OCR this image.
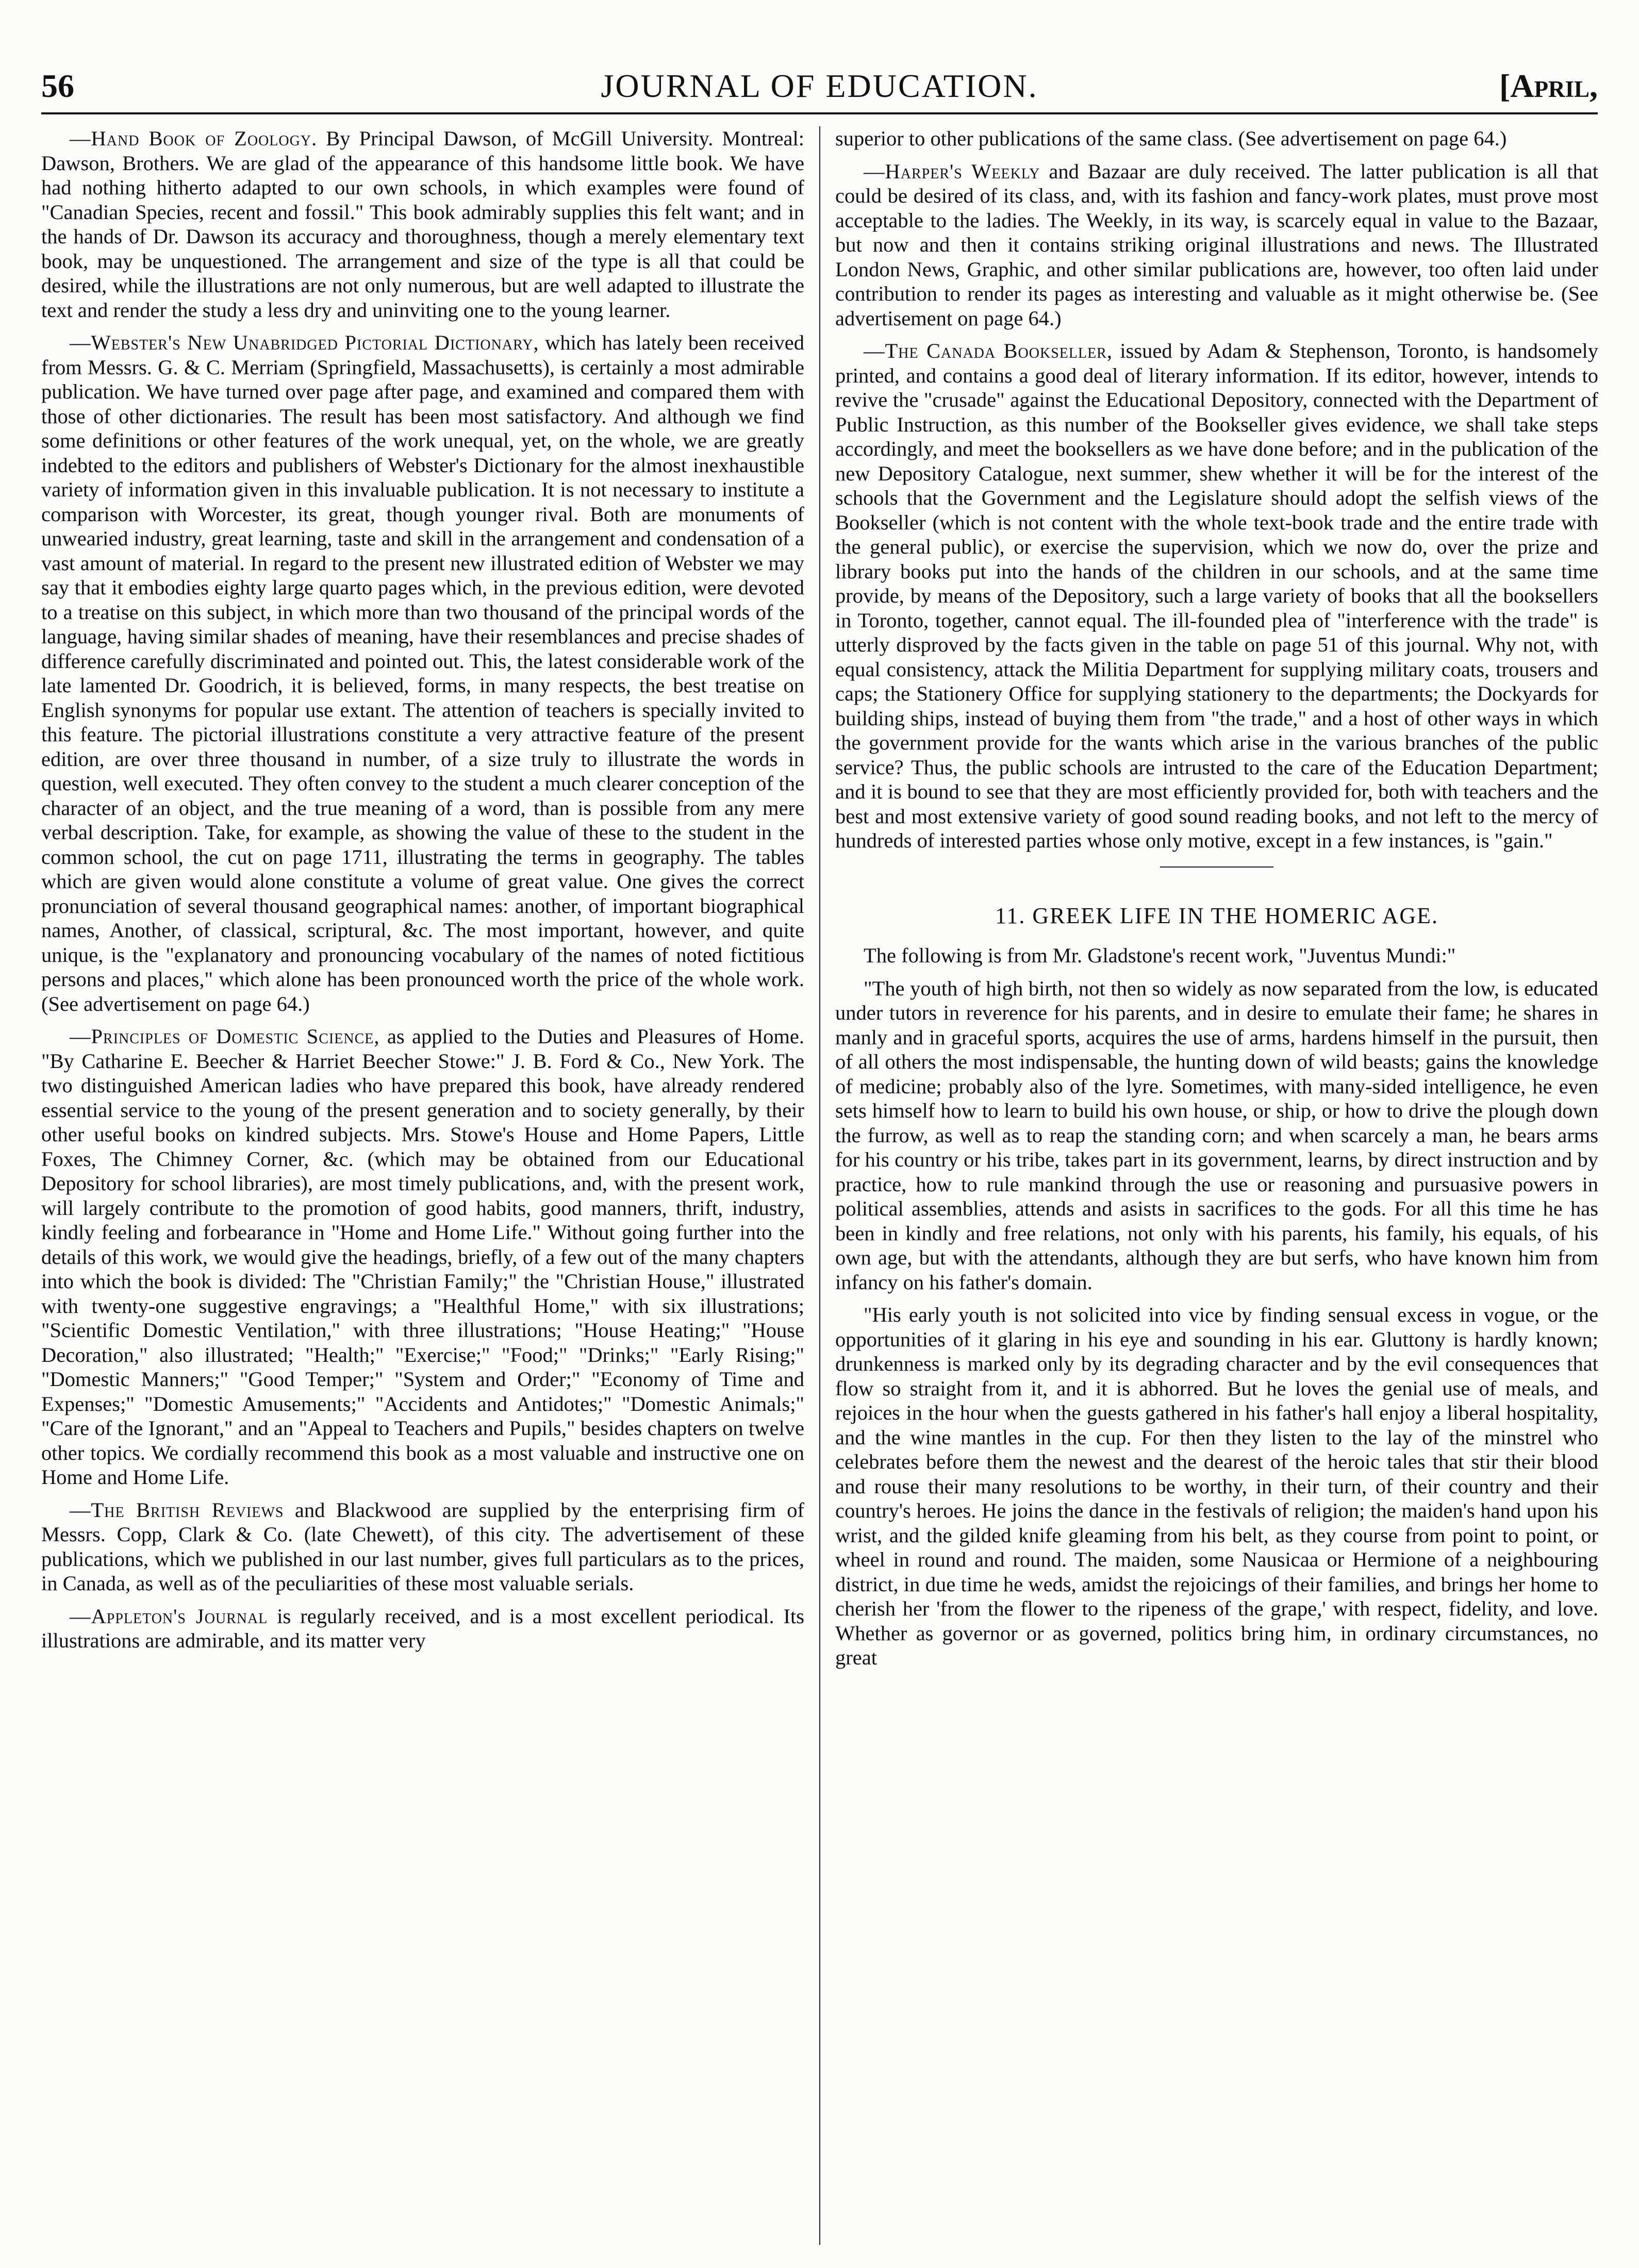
56	JOURNAL OF EDUCATION.	[April,

—Hand Book of Zoology. By Principal Dawson, of McGill University. Montreal: Dawson, Brothers. We are glad of the appearance of this handsome little book. We have had nothing hitherto adapted to our own schools, in which examples were found of "Canadian Species, recent and fossil." This book admirably supplies this felt want; and in the hands of Dr. Dawson its accuracy and thoroughness, though a merely elementary text book, may be unquestioned. The arrangement and size of the type is all that could be desired, while the illustrations are not only numerous, but are well adapted to illustrate the text and render the study a less dry and uninviting one to the young learner.

—Webster's New Unabridged Pictorial Dictionary, which has lately been received from Messrs. G. & C. Merriam (Springfield, Massachusetts), is certainly a most admirable publication. We have turned over page after page, and examined and compared them with those of other dictionaries. The result has been most satisfactory. And although we find some definitions or other features of the work unequal, yet, on the whole, we are greatly indebted to the editors and publishers of Webster's Dictionary for the almost inexhaustible variety of information given in this invaluable publication. It is not necessary to institute a comparison with Worcester, its great, though younger rival. Both are monuments of unwearied industry, great learning, taste and skill in the arrangement and condensation of a vast amount of material. In regard to the present new illustrated edition of Webster we may say that it embodies eighty large quarto pages which, in the previous edition, were devoted to a treatise on this subject, in which more than two thousand of the principal words of the language, having similar shades of meaning, have their resemblances and precise shades of difference carefully discriminated and pointed out. This, the latest considerable work of the late lamented Dr. Goodrich, it is believed, forms, in many respects, the best treatise on English synonyms for popular use extant. The attention of teachers is specially invited to this feature. The pictorial illustrations constitute a very attractive feature of the present edition, are over three thousand in number, of a size truly to illustrate the words in question, well executed. They often convey to the student a much clearer conception of the character of an object, and the true meaning of a word, than is possible from any mere verbal description. Take, for example, as showing the value of these to the student in the common school, the cut on page 1711, illustrating the terms in geography. The tables which are given would alone constitute a volume of great value. One gives the correct pronunciation of several thousand geographical names: another, of important biographical names, Another, of classical, scriptural, &c. The most important, however, and quite unique, is the "explanatory and pronouncing vocabulary of the names of noted fictitious persons and places," which alone has been pronounced worth the price of the whole work. (See advertisement on page 64.)

—Principles of Domestic Science, as applied to the Duties and Pleasures of Home. "By Catharine E. Beecher & Harriet Beecher Stowe:" J. B. Ford & Co., New York. The two distinguished American ladies who have prepared this book, have already rendered essential service to the young of the present generation and to society generally, by their other useful books on kindred subjects. Mrs. Stowe's House and Home Papers, Little Foxes, The Chimney Corner, &c. (which may be obtained from our Educational Depository for school libraries), are most timely publications, and, with the present work, will largely contribute to the promotion of good habits, good manners, thrift, industry, kindly feeling and forbearance in "Home and Home Life." Without going further into the details of this work, we would give the headings, briefly, of a few out of the many chapters into which the book is divided: The "Christian Family;" the "Christian House," illustrated with twenty-one suggestive engravings; a "Healthful Home," with six illustrations; "Scientific Domestic Ventilation," with three illustrations; "House Heating;" "House Decoration," also illustrated; "Health;" "Exercise;" "Food;" "Drinks;" "Early Rising;" "Domestic Manners;" "Good Temper;" "System and Order;" "Economy of Time and Expenses;" "Domestic Amusements;" "Accidents and Antidotes;" "Domestic Animals;" "Care of the Ignorant," and an "Appeal to Teachers and Pupils," besides chapters on twelve other topics. We cordially recommend this book as a most valuable and instructive one on Home and Home Life.

—The British Reviews and Blackwood are supplied by the enterprising firm of Messrs. Copp, Clark & Co. (late Chewett), of this city. The advertisement of these publications, which we published in our last number, gives full particulars as to the prices, in Canada, as well as of the peculiarities of these most valuable serials.

—Appleton's Journal is regularly received, and is a most excellent periodical. Its illustrations are admirable, and its matter very

superior to other publications of the same class. (See advertisement on page 64.)

—Harper's Weekly and Bazaar are duly received. The latter publication is all that could be desired of its class, and, with its fashion and fancy-work plates, must prove most acceptable to the ladies. The Weekly, in its way, is scarcely equal in value to the Bazaar, but now and then it contains striking original illustrations and news. The Illustrated London News, Graphic, and other similar publications are, however, too often laid under contribution to render its pages as interesting and valuable as it might otherwise be. (See advertisement on page 64.)

—The Canada Bookseller, issued by Adam & Stephenson, Toronto, is handsomely printed, and contains a good deal of literary information. If its editor, however, intends to revive the "crusade" against the Educational Depository, connected with the Department of Public Instruction, as this number of the Bookseller gives evidence, we shall take steps accordingly, and meet the booksellers as we have done before; and in the publication of the new Depository Catalogue, next summer, shew whether it will be for the interest of the schools that the Government and the Legislature should adopt the selfish views of the Bookseller (which is not content with the whole text-book trade and the entire trade with the general public), or exercise the supervision, which we now do, over the prize and library books put into the hands of the children in our schools, and at the same time provide, by means of the Depository, such a large variety of books that all the booksellers in Toronto, together, cannot equal. The ill-founded plea of "interference with the trade" is utterly disproved by the facts given in the table on page 51 of this journal. Why not, with equal consistency, attack the Militia Department for supplying military coats, trousers and caps; the Stationery Office for supplying stationery to the departments; the Dockyards for building ships, instead of buying them from "the trade," and a host of other ways in which the government provide for the wants which arise in the various branches of the public service? Thus, the public schools are intrusted to the care of the Education Department; and it is bound to see that they are most efficiently provided for, both with teachers and the best and most extensive variety of good sound reading books, and not left to the mercy of hundreds of interested parties whose only motive, except in a few instances, is "gain."

11. GREEK LIFE IN THE HOMERIC AGE.

The following is from Mr. Gladstone's recent work, "Juventus Mundi:"

"The youth of high birth, not then so widely as now separated from the low, is educated under tutors in reverence for his parents, and in desire to emulate their fame; he shares in manly and in graceful sports, acquires the use of arms, hardens himself in the pursuit, then of all others the most indispensable, the hunting down of wild beasts; gains the knowledge of medicine; probably also of the lyre. Sometimes, with many-sided intelligence, he even sets himself how to learn to build his own house, or ship, or how to drive the plough down the furrow, as well as to reap the standing corn; and when scarcely a man, he bears arms for his country or his tribe, takes part in its government, learns, by direct instruction and by practice, how to rule mankind through the use or reasoning and pursuasive powers in political assemblies, attends and asists in sacrifices to the gods. For all this time he has been in kindly and free relations, not only with his parents, his family, his equals, of his own age, but with the attendants, although they are but serfs, who have known him from infancy on his father's domain.

"His early youth is not solicited into vice by finding sensual excess in vogue, or the opportunities of it glaring in his eye and sounding in his ear. Gluttony is hardly known; drunkenness is marked only by its degrading character and by the evil consequences that flow so straight from it, and it is abhorred. But he loves the genial use of meals, and rejoices in the hour when the guests gathered in his father's hall enjoy a liberal hospitality, and the wine mantles in the cup. For then they listen to the lay of the minstrel who celebrates before them the newest and the dearest of the heroic tales that stir their blood and rouse their many resolutions to be worthy, in their turn, of their country and their country's heroes. He joins the dance in the festivals of religion; the maiden's hand upon his wrist, and the gilded knife gleaming from his belt, as they course from point to point, or wheel in round and round. The maiden, some Nausicaa or Hermione of a neighbouring district, in due time he weds, amidst the rejoicings of their families, and brings her home to cherish her 'from the flower to the ripeness of the grape,' with respect, fidelity, and love. Whether as governor or as governed, politics bring him, in ordinary circumstances, no great
